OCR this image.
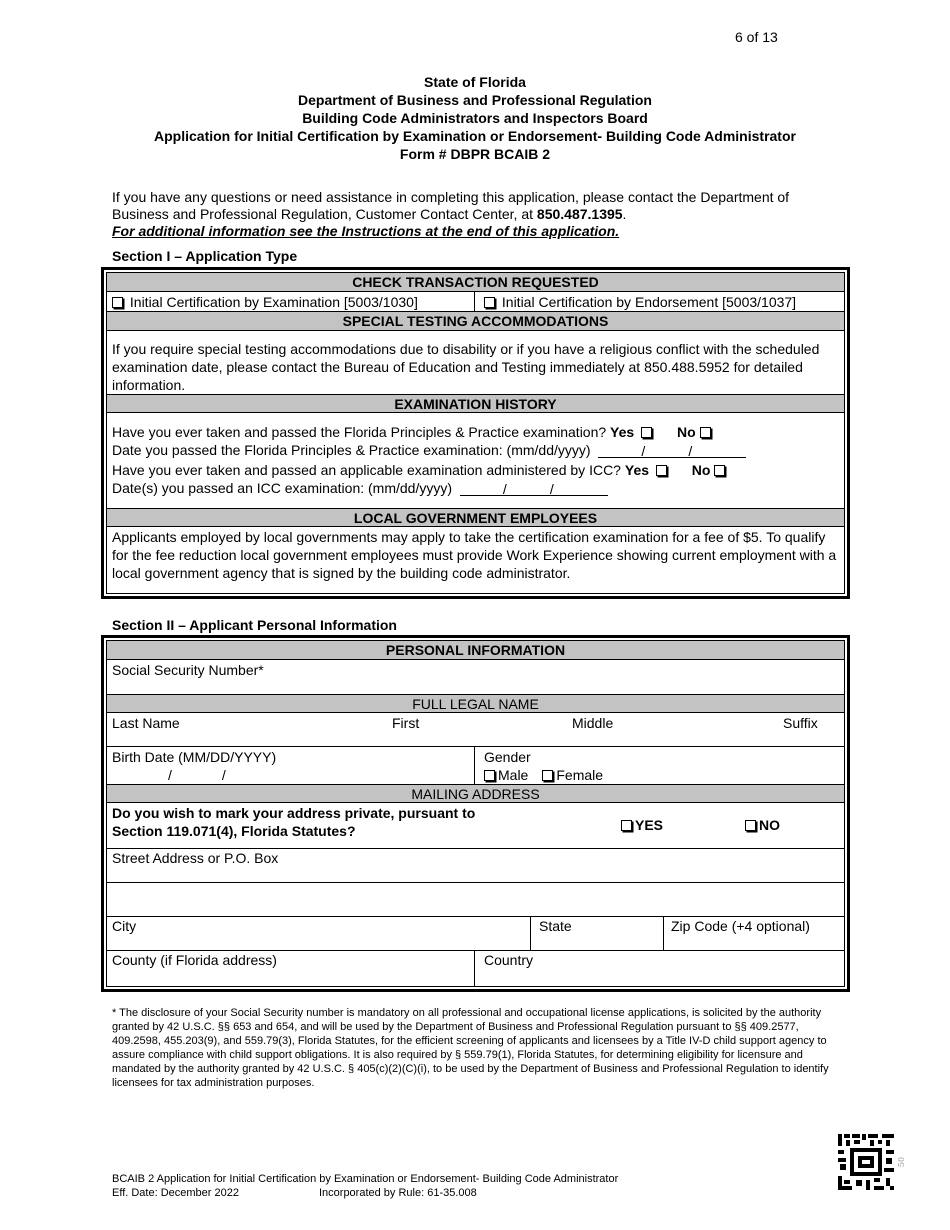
6 of 13
State of Florida
Department of Business and Professional Regulation
Building Code Administrators and Inspectors Board
Application for Initial Certification by Examination or Endorsement- Building Code Administrator
Form # DBPR BCAIB 2
If you have any questions or need assistance in completing this application, please contact the Department of Business and Professional Regulation, Customer Contact Center, at 850.487.1395.
For additional information see the Instructions at the end of this application.
Section I – Application Type
CHECK TRANSACTION REQUESTED
Initial Certification by Examination [5003/1030]	Initial Certification by Endorsement [5003/1037]
SPECIAL TESTING ACCOMMODATIONS
If you require special testing accommodations due to disability or if you have a religious conflict with the scheduled examination date, please contact the Bureau of Education and Testing immediately at 850.488.5952 for detailed information.
EXAMINATION HISTORY
Have you ever taken and passed the Florida Principles & Practice examination? Yes	No
Date you passed the Florida Principles & Practice examination: (mm/dd/yyyy)	/	/
Have you ever taken and passed an applicable examination administered by ICC? Yes	No
Date(s) you passed an ICC examination: (mm/dd/yyyy)	/	/
LOCAL GOVERNMENT EMPLOYEES
Applicants employed by local governments may apply to take the certification examination for a fee of $5. To qualify for the fee reduction local government employees must provide Work Experience showing current employment with a local government agency that is signed by the building code administrator.
Section II – Applicant Personal Information
PERSONAL INFORMATION
Social Security Number*
FULL LEGAL NAME
Last Name	First	Middle	Suffix
Birth Date (MM/DD/YYYY)
/	/
Gender
Male Female
MAILING ADDRESS
Do you wish to mark your address private, pursuant to
Section 119.071(4), Florida Statutes?	YES	NO
Street Address or P.O. Box
City	State	Zip Code (+4 optional)
County (if Florida address)	Country
* The disclosure of your Social Security number is mandatory on all professional and occupational license applications, is solicited by the authority granted by 42 U.S.C. §§ 653 and 654, and will be used by the Department of Business and Professional Regulation pursuant to §§ 409.2577, 409.2598, 455.203(9), and 559.79(3), Florida Statutes, for the efficient screening of applicants and licensees by a Title IV-D child support agency to assure compliance with child support obligations. It is also required by § 559.79(1), Florida Statutes, for determining eligibility for licensure and mandated by the authority granted by 42 U.S.C. § 405(c)(2)(C)(i), to be used by the Department of Business and Professional Regulation to identify licensees for tax administration purposes.
BCAIB 2 Application for Initial Certification by Examination or Endorsement- Building Code Administrator
Eff. Date: December 2022	Incorporated by Rule: 61-35.008
50
